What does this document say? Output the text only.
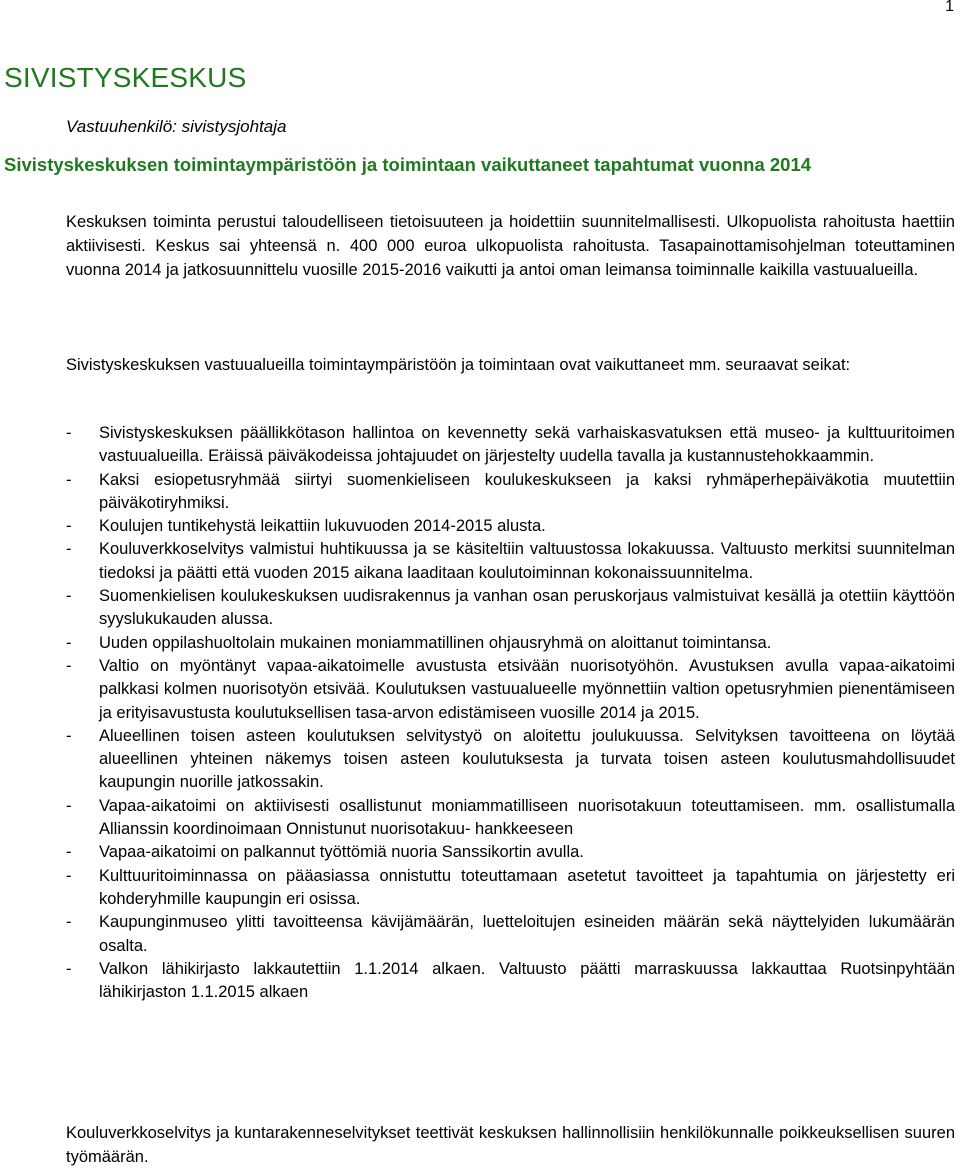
1
SIVISTYSKESKUS
Vastuuhenkilö: sivistysjohtaja
Sivistyskeskuksen toimintaympäristöön ja toimintaan vaikuttaneet tapahtumat vuonna 2014

Keskuksen toiminta perustui taloudelliseen tietoisuuteen ja hoidettiin suunnitelmallisesti. Ulkopuolista rahoitusta haettiin aktiivisesti. Keskus sai yhteensä n. 400 000 euroa ulkopuolista rahoitusta. Tasapainottamisohjelman toteuttaminen vuonna 2014 ja jatkosuunnittelu vuosille 2015-2016 vaikutti ja antoi oman leimansa toiminnalle kaikilla vastuualueilla.

Sivistyskeskuksen vastuualueilla toimintaympäristöön ja toimintaan ovat vaikuttaneet mm. seuraavat seikat:

- Sivistyskeskuksen päällikkötason hallintoa on kevennetty sekä varhaiskasvatuksen että museo- ja kulttuuritoimen vastuualueilla. Eräissä päiväkodeissa johtajuudet on järjestelty uudella tavalla ja kustannustehokkaammin.
- Kaksi esiopetusryhmää siirtyi suomenkieliseen koulukeskukseen ja kaksi ryhmäperhepäiväkotia muutettiin päiväkotiryhmiksi.
- Koulujen tuntikehystä leikattiin lukuvuoden 2014-2015 alusta.
- Kouluverkkoselvitys valmistui huhtikuussa ja se käsiteltiin valtuustossa lokakuussa. Valtuusto merkitsi suunnitelman tiedoksi ja päätti että vuoden 2015 aikana laaditaan koulutoiminnan kokonaissuunnitelma.
- Suomenkielisen koulukeskuksen uudisrakennus ja vanhan osan peruskorjaus valmistuivat kesällä ja otettiin käyttöön syyslukukauden alussa.
- Uuden oppilashuoltolain mukainen moniammatillinen ohjausryhmä on aloittanut toimintansa.
- Valtio on myöntänyt vapaa-aikatoimelle avustusta etsivään nuorisotyöhön. Avustuksen avulla vapaa-aikatoimi palkkasi kolmen nuorisotyön etsivää. Koulutuksen vastuualueelle myönnettiin valtion opetusryhmien pienentämiseen ja erityisavustusta koulutuksellisen tasa-arvon edistämiseen vuosille 2014 ja 2015.
- Alueellinen toisen asteen koulutuksen selvitystyö on aloitettu joulukuussa. Selvityksen tavoitteena on löytää alueellinen yhteinen näkemys toisen asteen koulutuksesta ja turvata toisen asteen koulutusmahdollisuudet kaupungin nuorille jatkossakin.
- Vapaa-aikatoimi on aktiivisesti osallistunut moniammatilliseen nuorisotakuun toteuttamiseen. mm. osallistumalla Allianssin koordinoimaan Onnistunut nuorisotakuu- hankkeeseen
- Vapaa-aikatoimi on palkannut työttömiä nuoria Sanssikortin avulla.
- Kulttuuritoiminnassa on pääasiassa onnistuttu toteuttamaan asetetut tavoitteet ja tapahtumia on järjestetty eri kohderyhmille kaupungin eri osissa.
- Kaupunginmuseo ylitti tavoitteensa kävijämäärän, luetteloitujen esineiden määrän sekä näyttelyiden lukumäärän osalta.
- Valkon lähikirjasto lakkautettiin 1.1.2014 alkaen. Valtuusto päätti marraskuussa lakkauttaa Ruotsinpyhtään lähikirjaston 1.1.2015 alkaen

Kouluverkkoselvitys ja kuntarakenneselvitykset teettivät keskuksen hallinnollisiin henkilökunnalle poikkeuksellisen suuren työmäärän.
